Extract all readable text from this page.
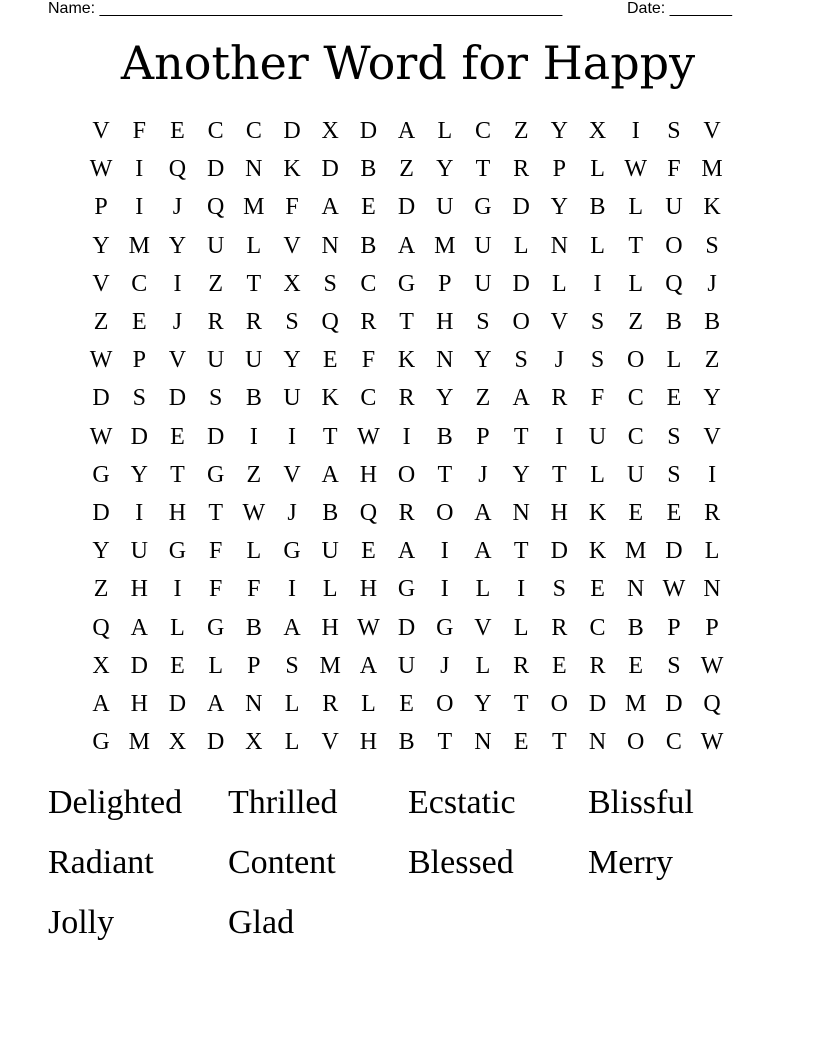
Name: ____________________________________________________	Date: _______
Another Word for Happy
V F	E C C D X D A L C Z Y X	I	S V
W I	Q D N K D B Z Y T R P	L W F M
P	I	J	Q M F A E D U G D Y B L U K
Y M Y U L V N B A M U L N L T O S
V C	I	Z T X S C G P U D L	I	L Q	J
Z E	J	R R S Q R T H S O V S	Z B B
W P V U U Y E	F K N Y S	J	S O L Z
D S D S B U K C R Y Z A R F C E Y
W D E D	I	I	T W I	B P	T	I	U C S V
G Y T G Z V A H O T	J	Y T L U S	I
D	I	H T W J	B Q R O A N H K E E R
Y U G F	L G U E A	I	A T D K M D L
Z H	I	F	F	I	L H G	I	L	I	S	E N W N
Q A L G B A H W D G V L R C B P	P
X D E L	P	S M A U	J	L R E R E	S W
A H D A N L R L E O Y T O D M D Q
G M X D X L V H B T N E T N O C W
Delighted	Thrilled	Ecstatic	Blissful
Radiant	Content	Blessed	Merry
Jolly	Glad
